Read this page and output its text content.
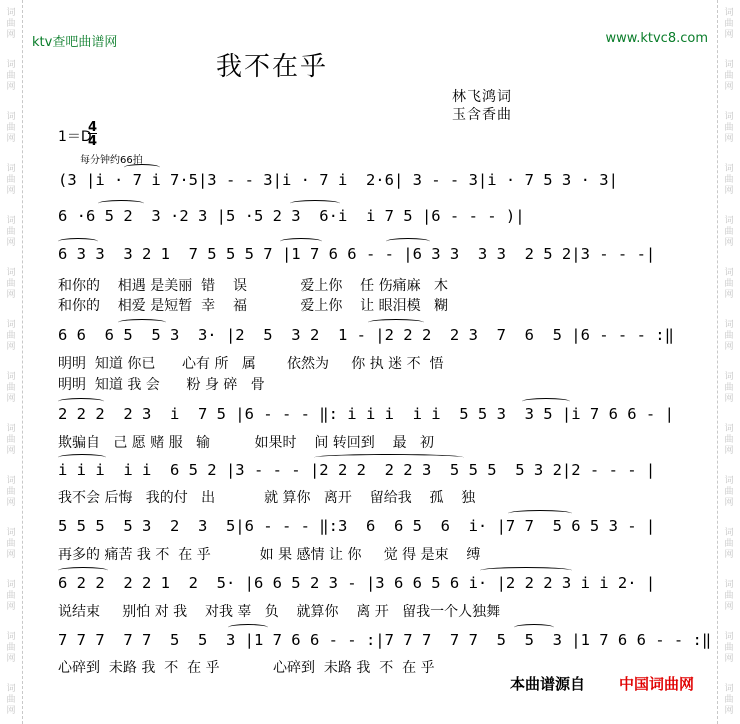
词
曲
网
词
曲
网
词
曲
网
词
曲
网
词
曲
网
词
曲
网
词
曲
网
词
曲
网
词
曲
网
词
曲
网
词
曲
网
词
曲
网
词
曲
网
词
曲
网
词
曲
网
词
曲
网
词
曲
网
词
曲
网
词
曲
网
词
曲
网
词
曲
网
词
曲
网
词
曲
网
词
曲
网
词
曲
网
词
曲
网
词
曲
网
词
曲
网
ktv查吧曲谱网	www.ktvc8.com
我不在乎
林飞鸿词
玉含香曲
1＝D
4
4
每分钟约66拍
(3 |i · 7 i 7·5|3 - - 3|i · 7 i  2·6| 3 - - 3|i · 7 5 3 · 3|
6 ·6 5 2  3 ·2 3 |5 ·5 2 3  6·i  i 7 5 |6 - - - )|
6 3 3  3 2 1  7 5 5 5 7 |1 7 6 6 - - |6 3 3  3 3  2 5 2|3 - - -|
和你的    相遇 是美丽  错    误            爱上你    任 伤痛麻   木
和你的    相爱 是短暂  幸    福            爱上你    让 眼泪模   糊
6 6  6 5  5 3  3· |2  5  3 2  1 - |2 2 2  2 3  7  6  5 |6 - - - :‖
明明  知道 你已      心有 所   属       依然为     你 执 迷 不  悟
明明  知道 我 会      粉 身 碎   骨
2 2 2  2 3  i  7 5 |6 - - - ‖: i i i  i i  5 5 3  3 5 |i 7 6 6 - |
欺骗自   己 愿 赌 服   输          如果时    间 转回到    最   初
i i i  i i  6 5 2 |3 - - - |2 2 2  2 2 3  5 5 5  5 3 2|2 - - - |
我不会 后悔   我的付   出           就 算你   离开    留给我    孤    独
5 5 5  5 3  2  3  5|6 - - - ‖:3  6  6 5  6  i· |7 7  5 6 5 3 - |
再多的 痛苦 我 不  在 乎           如 果 感情 让 你     觉 得 是束    缚
6 2 2  2 2 1  2  5· |6 6 5 2 3 - |3 6 6 5 6 i· |2 2 2 3 i i 2· |
说结束     别怕 对 我    对我 辜   负    就算你    离 开   留我一个人独舞
7 7 7  7 7  5  5  3 |1 7 6 6 - - :|7 7 7  7 7  5  5  3 |1 7 6 6 - - :‖
心碎到  未路 我  不  在 乎            心碎到  未路 我  不  在 乎
本曲谱源自 中国词曲网
